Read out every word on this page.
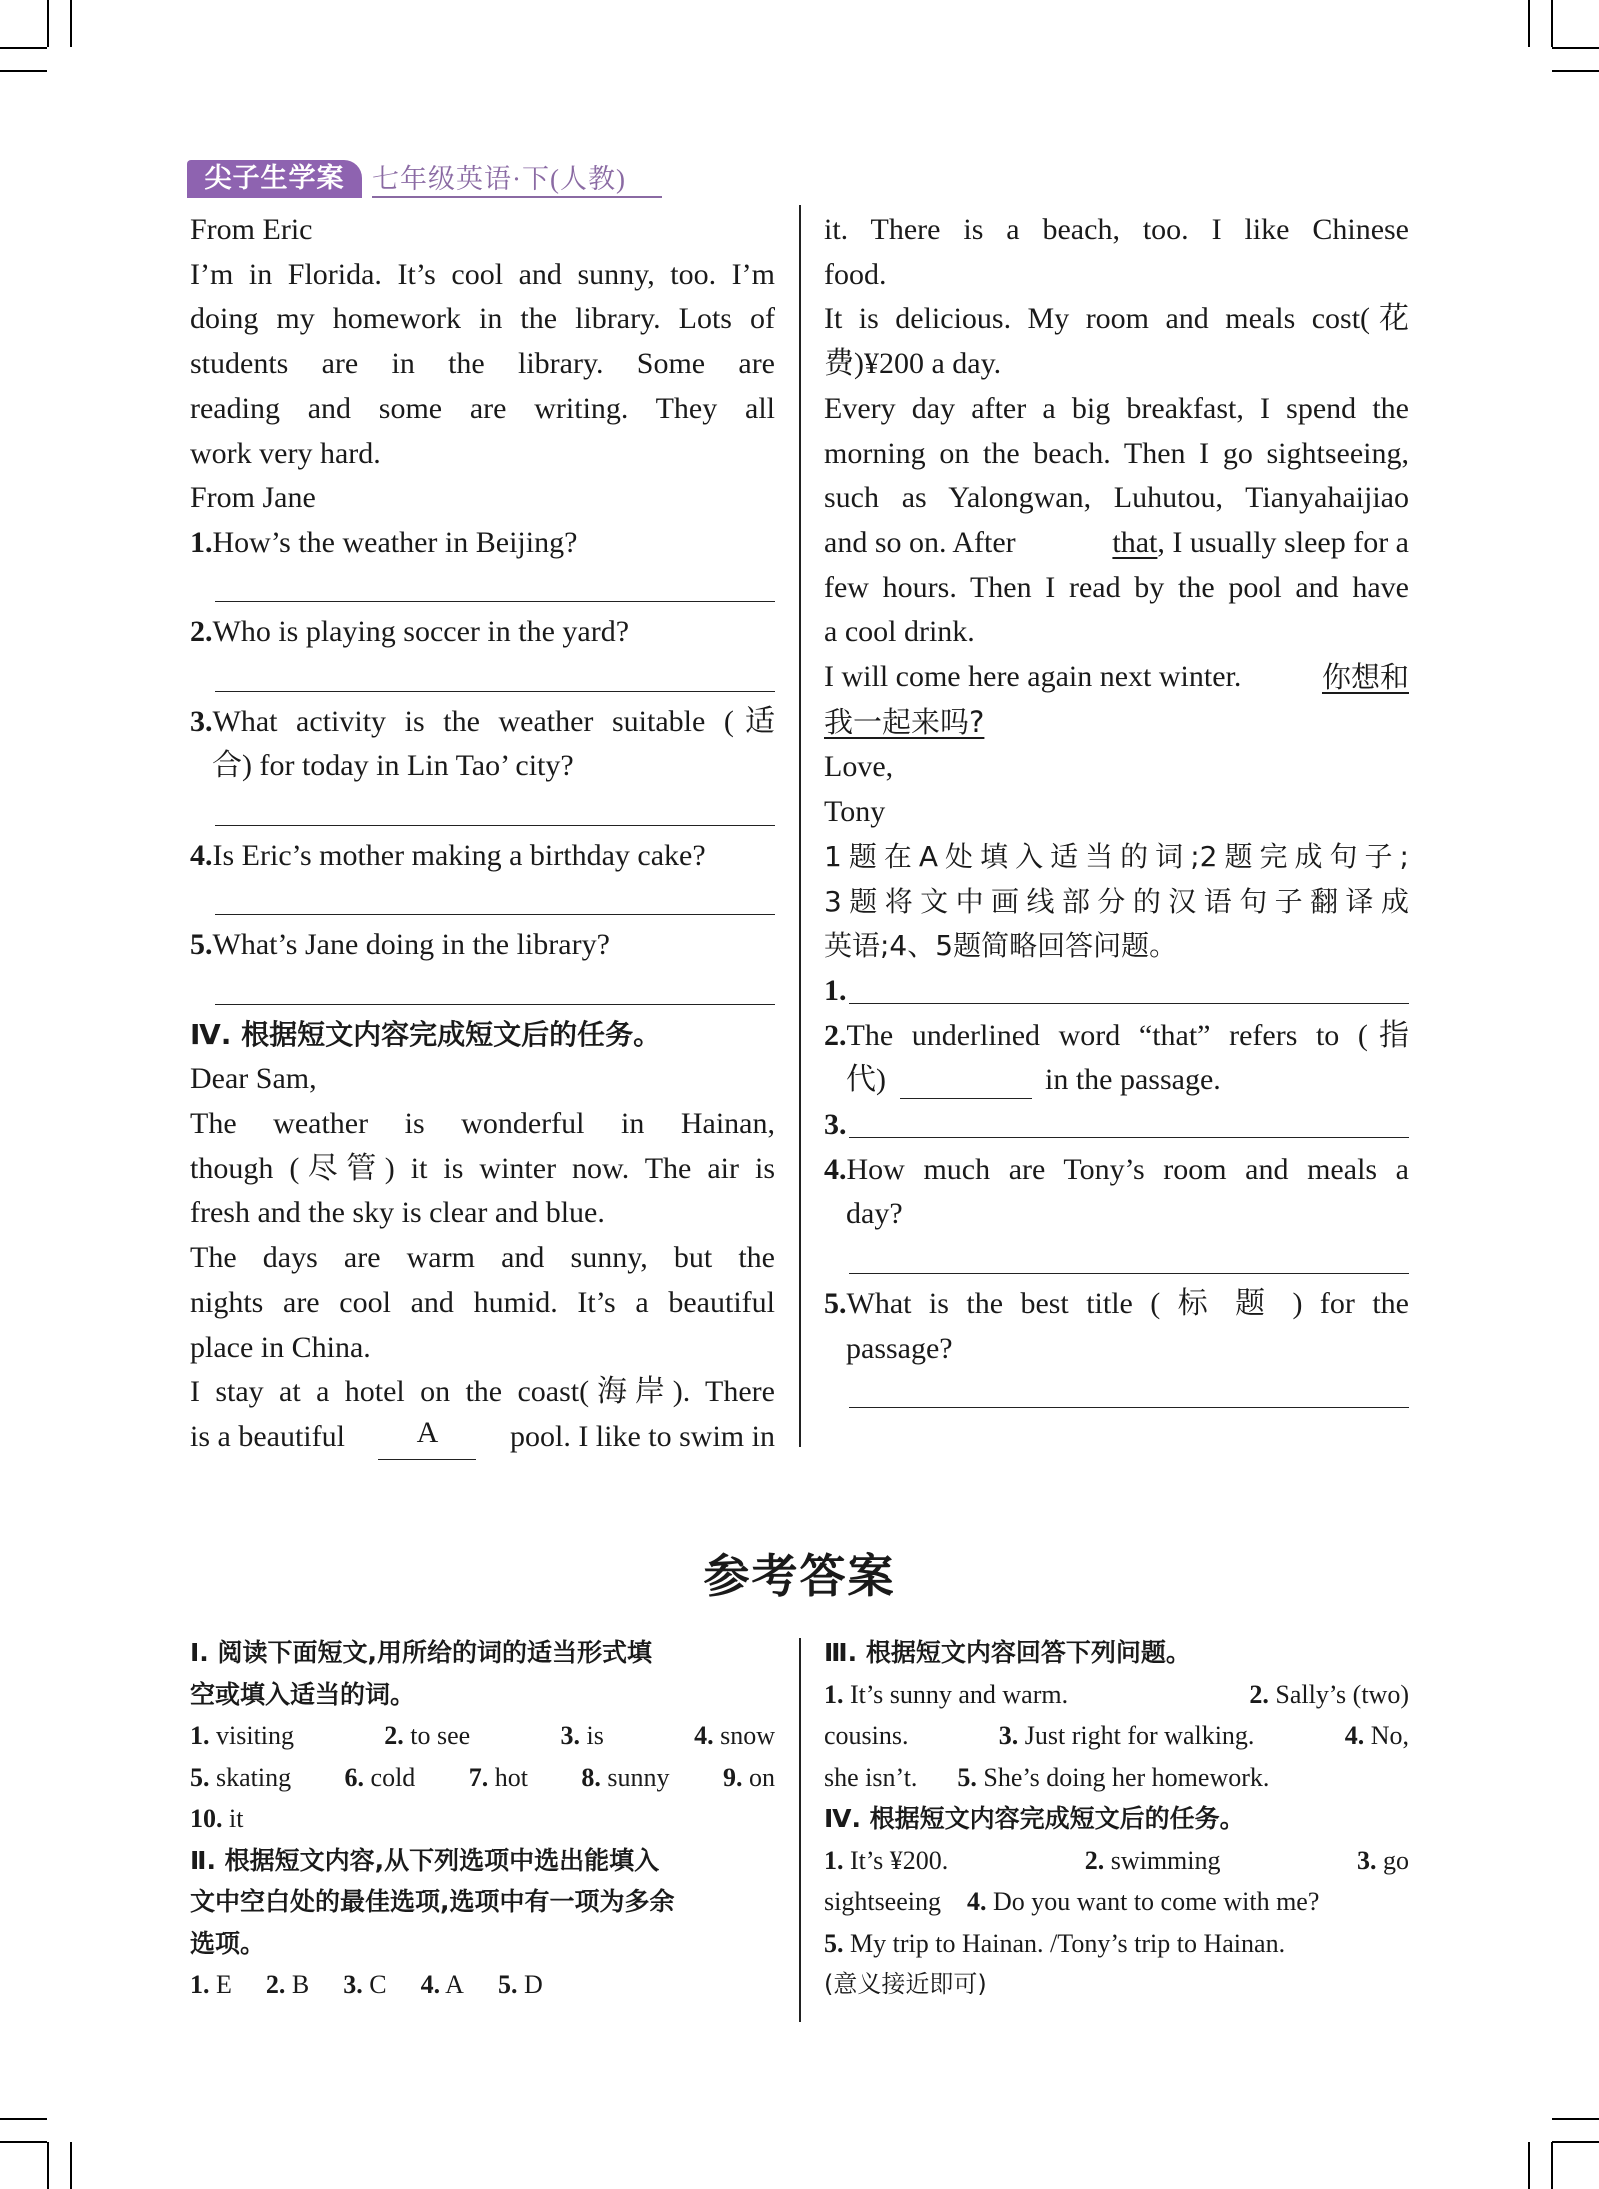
尖子生学案	七年级英语·下(人教)
From Eric
I’m in Florida. It’s cool and sunny, too. I’m
doing my homework in the library. Lots of
students are in the library. Some are
reading and some are writing. They all
work very hard.
From Jane
1.How’s the weather in Beijing?
2.Who is playing soccer in the yard?
3.What activity is the weather suitable (适
合) for today in Lin Tao’ city?
4.Is Eric’s mother making a birthday cake?
5.What’s Jane doing in the library?
Ⅳ. 根据短文内容完成短文后的任务。
Dear Sam,
The weather is wonderful in Hainan,
though (尽管) it is winter now. The air is
fresh and the sky is clear and blue.
The days are warm and sunny, but the
nights are cool and humid. It’s a beautiful
place in China.
I stay at a hotel on the coast(海岸). There
is a beautiful	A	pool. I like to swim in
it. There is a beach, too. I like Chinese
food.
It is delicious. My room and meals cost(花
费)¥200 a day.
Every day after a big breakfast, I spend the
morning on the beach. Then I go sightseeing,
such as Yalongwan, Luhutou, Tianyahaijiao
and so on. After	that, I usually sleep for a
few hours. Then I read by the pool and have
a cool drink.
I will come here again next winter.	你想和
我一起来吗?
Love,
Tony
1题在A处填入适当的词;2题完成句子;
3题将文中画线部分的汉语句子翻译成
英语;4、5题简略回答问题。
1.
2.The underlined word “that” refers to (指
代)	in the passage.
3.
4.How much are Tony’s room and meals a
day?
5.What is the best title ( 标 题 ) for the
passage?
参考答案
Ⅰ. 阅读下面短文,用所给的词的适当形式填
空或填入适当的词。
1. visiting	2. to see	3. is	4. snow
5. skating 6. cold 7. hot 8. sunny 9. on
10. it
Ⅱ. 根据短文内容,从下列选项中选出能填入
文中空白处的最佳选项,选项中有一项为多余
选项。
1. E 2. B 3. C 4. A 5. D
Ⅲ. 根据短文内容回答下列问题。
1. It’s sunny and warm.	2. Sally’s (two)
cousins.	3. Just right for walking.	4. No,
she isn’t. 5. She’s doing her homework.
Ⅳ. 根据短文内容完成短文后的任务。
1. It’s ¥200.	2. swimming	3. go
sightseeing 4. Do you want to come with me?
5. My trip to Hainan. /Tony’s trip to Hainan.
(意义接近即可)
